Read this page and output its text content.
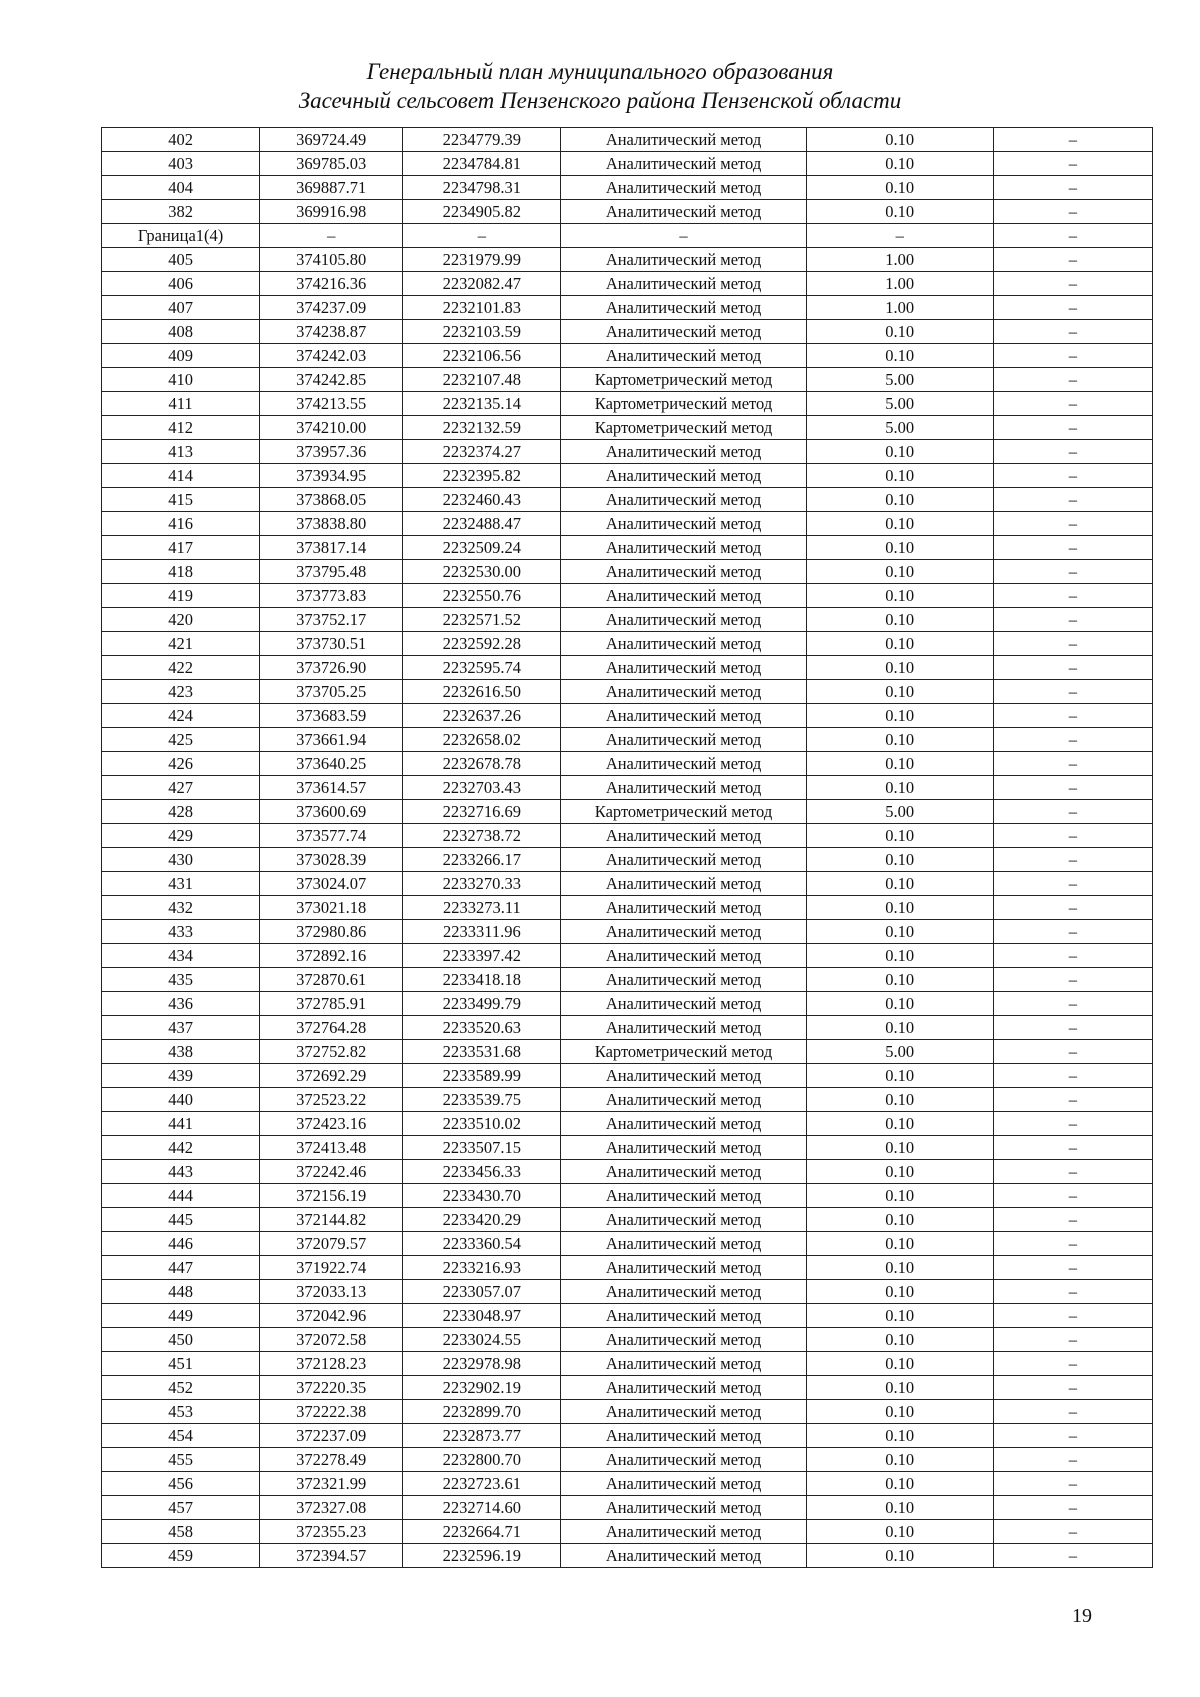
Генеральный план муниципального образования
Засечный сельсовет Пензенского района Пензенской области
402	369724.49	2234779.39	Аналитический метод	0.10	–
403	369785.03	2234784.81	Аналитический метод	0.10	–
404	369887.71	2234798.31	Аналитический метод	0.10	–
382	369916.98	2234905.82	Аналитический метод	0.10	–
Граница1(4)	–	–	–	–	–
405	374105.80	2231979.99	Аналитический метод	1.00	–
406	374216.36	2232082.47	Аналитический метод	1.00	–
407	374237.09	2232101.83	Аналитический метод	1.00	–
408	374238.87	2232103.59	Аналитический метод	0.10	–
409	374242.03	2232106.56	Аналитический метод	0.10	–
410	374242.85	2232107.48	Картометрический метод	5.00	–
411	374213.55	2232135.14	Картометрический метод	5.00	–
412	374210.00	2232132.59	Картометрический метод	5.00	–
413	373957.36	2232374.27	Аналитический метод	0.10	–
414	373934.95	2232395.82	Аналитический метод	0.10	–
415	373868.05	2232460.43	Аналитический метод	0.10	–
416	373838.80	2232488.47	Аналитический метод	0.10	–
417	373817.14	2232509.24	Аналитический метод	0.10	–
418	373795.48	2232530.00	Аналитический метод	0.10	–
419	373773.83	2232550.76	Аналитический метод	0.10	–
420	373752.17	2232571.52	Аналитический метод	0.10	–
421	373730.51	2232592.28	Аналитический метод	0.10	–
422	373726.90	2232595.74	Аналитический метод	0.10	–
423	373705.25	2232616.50	Аналитический метод	0.10	–
424	373683.59	2232637.26	Аналитический метод	0.10	–
425	373661.94	2232658.02	Аналитический метод	0.10	–
426	373640.25	2232678.78	Аналитический метод	0.10	–
427	373614.57	2232703.43	Аналитический метод	0.10	–
428	373600.69	2232716.69	Картометрический метод	5.00	–
429	373577.74	2232738.72	Аналитический метод	0.10	–
430	373028.39	2233266.17	Аналитический метод	0.10	–
431	373024.07	2233270.33	Аналитический метод	0.10	–
432	373021.18	2233273.11	Аналитический метод	0.10	–
433	372980.86	2233311.96	Аналитический метод	0.10	–
434	372892.16	2233397.42	Аналитический метод	0.10	–
435	372870.61	2233418.18	Аналитический метод	0.10	–
436	372785.91	2233499.79	Аналитический метод	0.10	–
437	372764.28	2233520.63	Аналитический метод	0.10	–
438	372752.82	2233531.68	Картометрический метод	5.00	–
439	372692.29	2233589.99	Аналитический метод	0.10	–
440	372523.22	2233539.75	Аналитический метод	0.10	–
441	372423.16	2233510.02	Аналитический метод	0.10	–
442	372413.48	2233507.15	Аналитический метод	0.10	–
443	372242.46	2233456.33	Аналитический метод	0.10	–
444	372156.19	2233430.70	Аналитический метод	0.10	–
445	372144.82	2233420.29	Аналитический метод	0.10	–
446	372079.57	2233360.54	Аналитический метод	0.10	–
447	371922.74	2233216.93	Аналитический метод	0.10	–
448	372033.13	2233057.07	Аналитический метод	0.10	–
449	372042.96	2233048.97	Аналитический метод	0.10	–
450	372072.58	2233024.55	Аналитический метод	0.10	–
451	372128.23	2232978.98	Аналитический метод	0.10	–
452	372220.35	2232902.19	Аналитический метод	0.10	–
453	372222.38	2232899.70	Аналитический метод	0.10	–
454	372237.09	2232873.77	Аналитический метод	0.10	–
455	372278.49	2232800.70	Аналитический метод	0.10	–
456	372321.99	2232723.61	Аналитический метод	0.10	–
457	372327.08	2232714.60	Аналитический метод	0.10	–
458	372355.23	2232664.71	Аналитический метод	0.10	–
459	372394.57	2232596.19	Аналитический метод	0.10	–
19
